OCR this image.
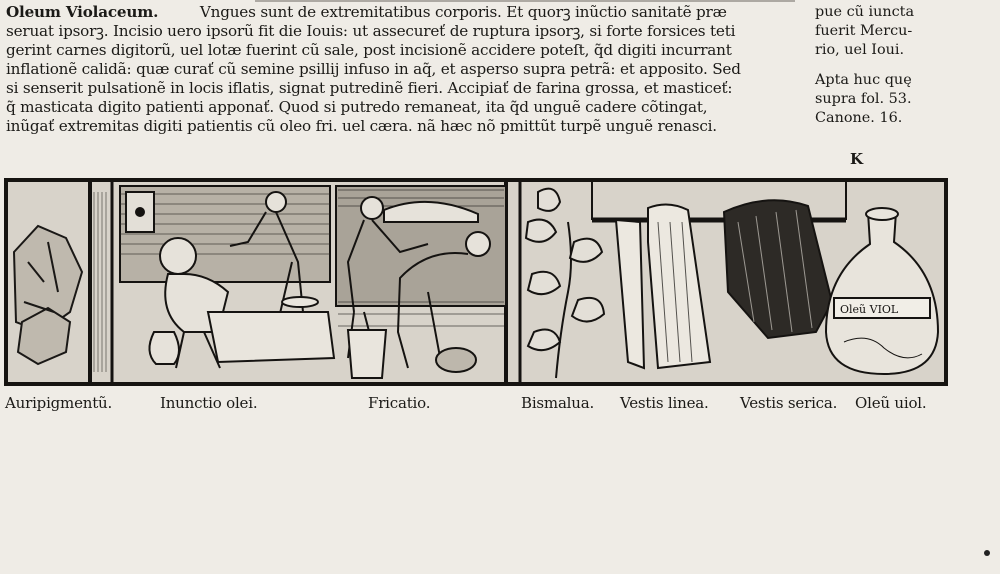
Oleum Violaceum.         Vngues sunt de extremitatibus corporis. Et quorꝫ inũctio sanitatẽ præ
seruat ipsorꝫ. Incisio uero ipsorũ fit die Iouis: ut assecureť de ruptura ipsorꝫ, si forte forsices teti
gerint carnes digitorũ, uel lotæ fuerint cũ sale, post incisionẽ accidere poteſt, q̃d digiti incurrant
inflationẽ calidã: quæ curať cũ semine psillij infuso in aq̃, et asperso supra petrã: et apposito. Sed
si senserit pulsationẽ in locis iflatis, signat putredinẽ fieri. Accipiať de farina grossa, et masticeť:
q̃ masticata digito patienti apponať. Quod si putredo remaneat, ita q̃d unguẽ cadere cõtingat,
inũgať extremitas digiti patientis cũ oleo fri. uel cæra. nã hæc nõ pmittũt turpẽ unguẽ renasci.
pue cũ iuncta
fuerit Mercu-
rio, uel Ioui.
Apta huc quę
supra fol. 53.
Canone. 16.
K
Oleũ VIOL
Auripigmentũ.	Inunctio olei.	Fricatio.	Bismalua. Vestis linea. Vestis serica. Oleũ uiol.
